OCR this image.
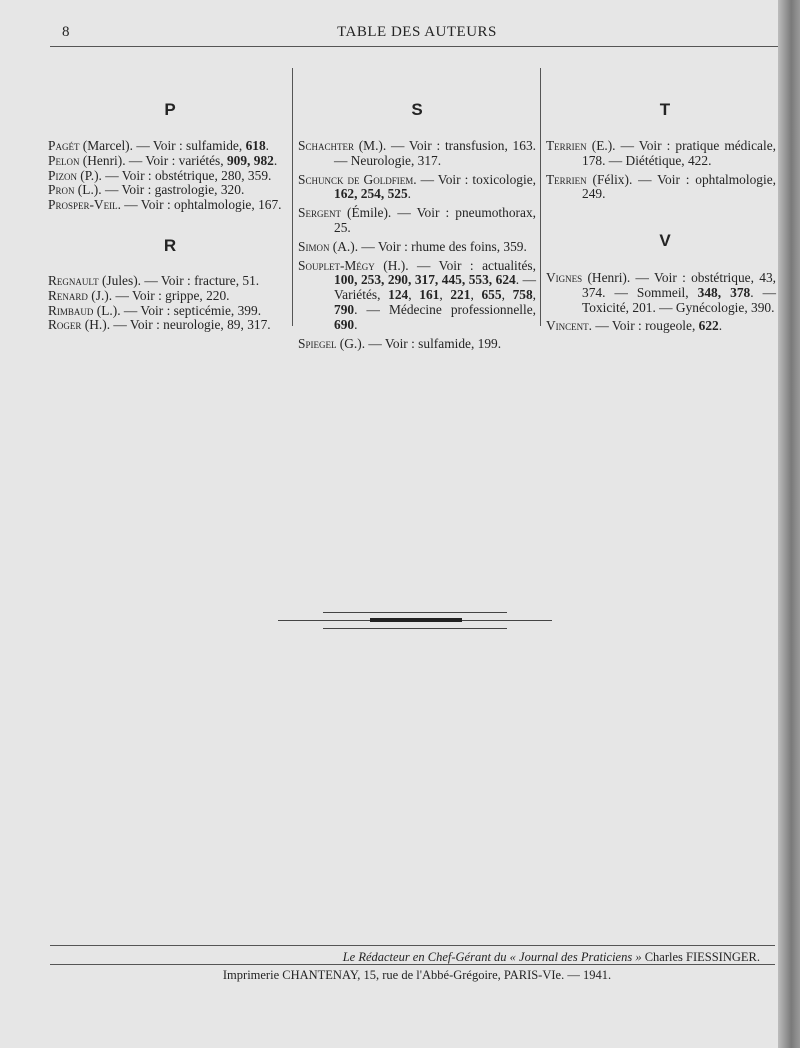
8	TABLE DES AUTEURS
P
Pagét (Marcel). — Voir : sulfamide, 618.
Pelon (Henri). — Voir : variétés, 909, 982.
Pizon (P.). — Voir : obstétrique, 280, 359.
Pron (L.). — Voir : gastrologie, 320.
Prosper-Veil. — Voir : ophtalmologie, 167.
R
Regnault (Jules). — Voir : fracture, 51.
Renard (J.). — Voir : grippe, 220.
Rimbaud (L.). — Voir : septicémie, 399.
Roger (H.). — Voir : neurologie, 89, 317.
S
Schachter (M.). — Voir : transfusion, 163. — Neurologie, 317.
Schunck de Goldfiem. — Voir : toxicologie, 162, 254, 525.
Sergent (Émile). — Voir : pneumothorax, 25.
Simon (A.). — Voir : rhume des foins, 359.
Souplet-Mégy (H.). — Voir : actualités, 100, 253, 290, 317, 445, 553, 624. — Variétés, 124, 161, 221, 655, 758, 790. — Médecine professionnelle, 690.
Spiegel (G.). — Voir : sulfamide, 199.
T
Terrien (E.). — Voir : pratique médicale, 178. — Diététique, 422.
Terrien (Félix). — Voir : ophtalmologie, 249.
V
Vignes (Henri). — Voir : obstétrique, 43, 374. — Sommeil, 348, 378. — Toxicité, 201. — Gynécologie, 390.
Vincent. — Voir : rougeole, 622.
Le Rédacteur en Chef-Gérant du « Journal des Praticiens » Charles FIESSINGER.
Imprimerie CHANTENAY, 15, rue de l'Abbé-Grégoire, PARIS-VIe. — 1941.
